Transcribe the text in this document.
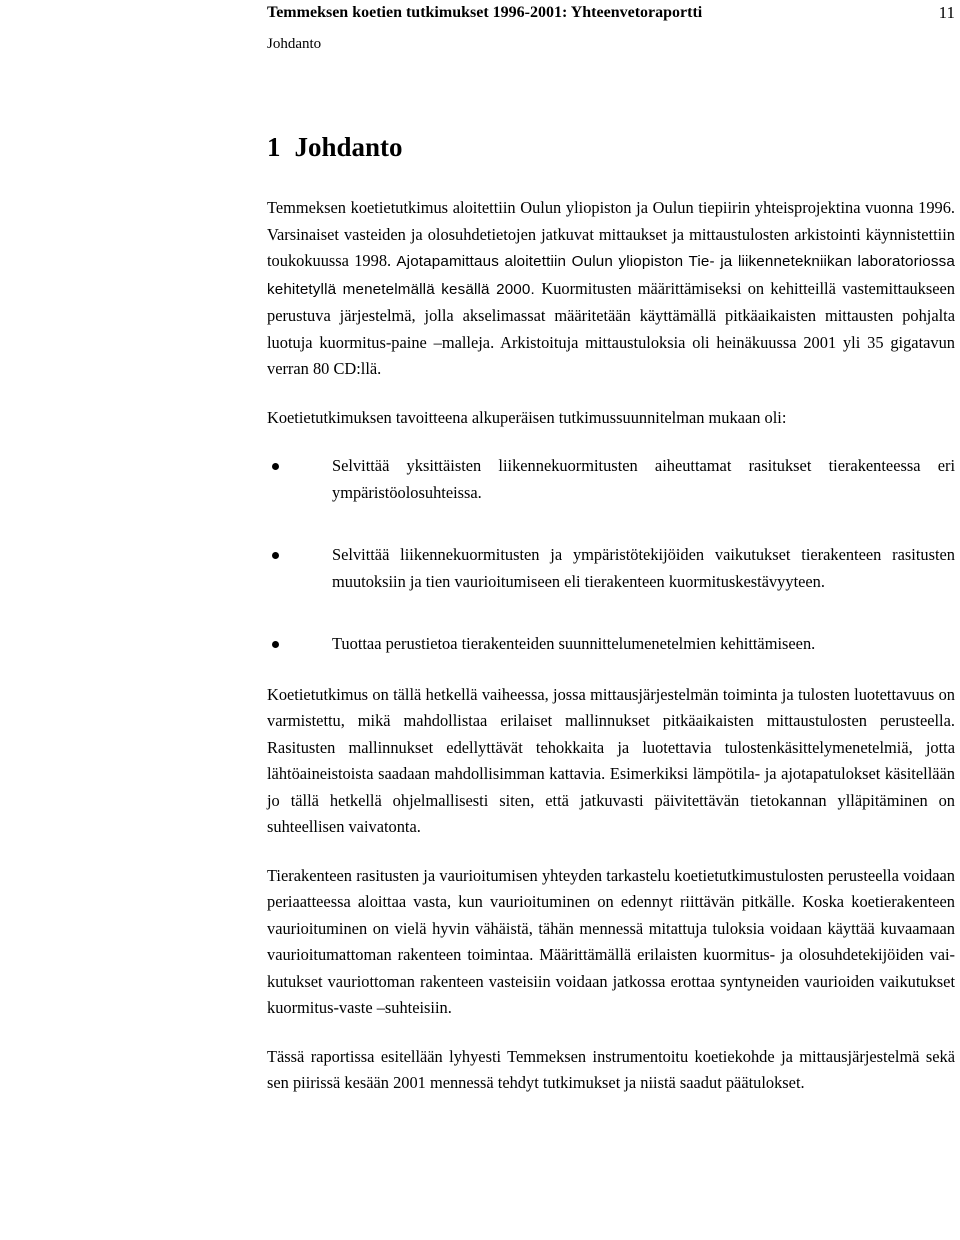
Temmeksen koetien tutkimukset 1996-2001: Yhteenvetoraportti	11
Johdanto
1 Johdanto

Temmeksen koetietutkimus aloitettiin Oulun yliopiston ja Oulun tiepiirin yhteisprojektina vuonna 1996. Varsinaiset vasteiden ja olosuhdetietojen jatkuvat mittaukset ja mittaustulosten arkistointi käynnistettiin toukokuussa 1998. Ajotapamittaus aloitettiin Oulun yliopiston Tie- ja liikennetekniikan laboratoriossa kehitetyllä menetelmällä kesällä 2000. Kuormitusten määrittämiseksi on kehitteillä vastemittaukseen perustuva järjestelmä, jolla akselimassat määritetään käyttämällä pitkäaikaisten mittausten pohjalta luotuja kuormitus-paine –malleja. Arkistoituja mittaustuloksia oli heinäkuussa 2001 yli 35 gigatavun verran 80 CD:llä.

Koetietutkimuksen tavoitteena alkuperäisen tutkimussuunnitelman mukaan oli:

Selvittää yksittäisten liikennekuormitusten aiheuttamat rasitukset tierakenteessa eri ympäristöolosuhteissa.
Selvittää liikennekuormitusten ja ympäristötekijöiden vaikutukset tierakenteen rasitusten muutoksiin ja tien vaurioitumiseen eli tierakenteen kuormituskestävyyteen.
Tuottaa perustietoa tierakenteiden suunnittelumenetelmien kehittämiseen.

Koetietutkimus on tällä hetkellä vaiheessa, jossa mittausjärjestelmän toiminta ja tulosten luotettavuus on varmistettu, mikä mahdollistaa erilaiset mallinnukset pitkäaikaisten mittaustulosten perusteella. Rasitusten mallinnukset edellyttävät tehokkaita ja luotettavia tulostenkäsittelymenetelmiä, jotta lähtöaineistoista saadaan mahdollisimman kattavia. Esimerkiksi lämpötila- ja ajotapatulokset käsitellään jo tällä hetkellä ohjelmallisesti siten, että jatkuvasti päivitettävän tietokannan ylläpitäminen on suhteellisen vaivatonta.

Tierakenteen rasitusten ja vaurioitumisen yhteyden tarkastelu koetietutkimustulosten perusteella voidaan periaatteessa aloittaa vasta, kun vaurioituminen on edennyt riittävän pitkälle. Koska koetierakenteen vaurioituminen on vielä hyvin vähäistä, tähän mennessä mitattuja tuloksia voidaan käyttää kuvaamaan vaurioitumattoman rakenteen toimintaa. Määrittämällä erilaisten kuormitus- ja olosuhdetekijöiden vaikutukset vauriottoman rakenteen vasteisiin voidaan jatkossa erottaa syntyneiden vaurioiden vaikutukset kuormitus-vaste –suhteisiin.

Tässä raportissa esitellään lyhyesti Temmeksen instrumentoitu koetiekohde ja mittausjärjestelmä sekä sen piirissä kesään 2001 mennessä tehdyt tutkimukset ja niistä saadut päätulokset.
